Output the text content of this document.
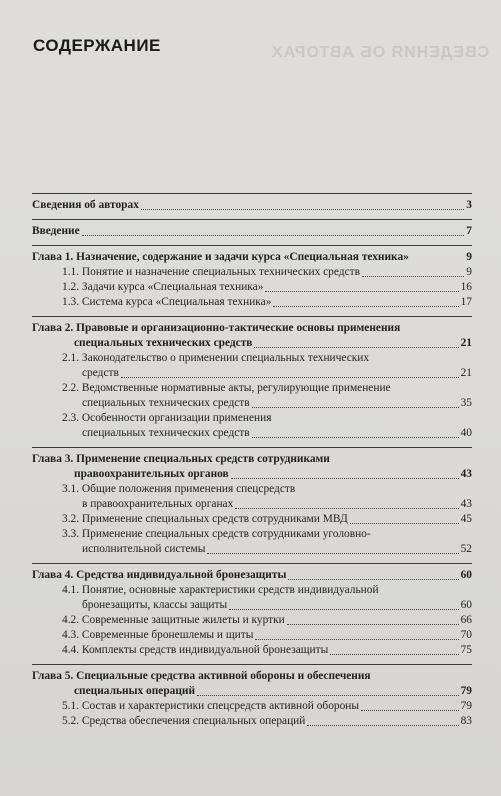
СВЕДЕНИЯ ОБ АВТОРАХ
СОДЕРЖАНИЕ
Сведения об авторах	3
Введение	7
Глава 1. Назначение, содержание и задачи курса «Специальная техника»	9
1.1. Понятие и назначение специальных технических средств	9
1.2. Задачи курса «Специальная техника»	16
1.3. Система курса «Специальная техника»	17
Глава 2. Правовые и организационно-тактические основы применения
специальных технических средств	21
2.1. Законодательство о применении специальных технических
средств	21
2.2. Ведомственные нормативные акты, регулирующие применение
специальных технических средств	35
2.3. Особенности организации применения
специальных технических средств	40
Глава 3. Применение специальных средств сотрудниками
правоохранительных органов	43
3.1. Общие положения применения спецсредств
в правоохранительных органах	43
3.2. Применение специальных средств сотрудниками МВД	45
3.3. Применение специальных средств сотрудниками уголовно-
исполнительной системы	52
Глава 4. Средства индивидуальной бронезащиты	60
4.1. Понятие, основные характеристики средств индивидуальной
бронезащиты, классы защиты	60
4.2. Современные защитные жилеты и куртки	66
4.3. Современные бронешлемы и щиты	70
4.4. Комплекты средств индивидуальной бронезащиты	75
Глава 5. Специальные средства активной обороны и обеспечения
специальных операций	79
5.1. Состав и характеристики спецсредств активной обороны	79
5.2. Средства обеспечения специальных операций	83
